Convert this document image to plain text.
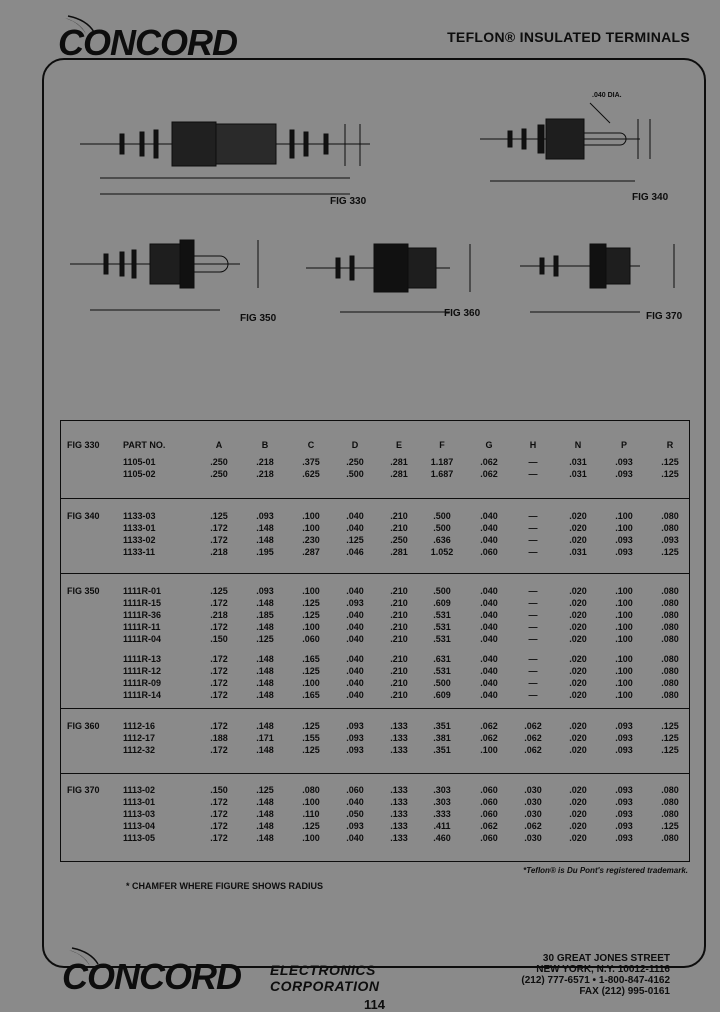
CONCORD	TEFLON® INSULATED TERMINALS
FIG 330
.040 DIA.
FIG 340
FIG 350	FIG 360	FIG 370
FIG 330	PART NO.	A	B	C	D	E	F	G	H	N	P	R
1105-01	.250	.218	.375	.250	.281	1.187	.062	—	.031	.093	.125
1105-02	.250	.218	.625	.500	.281	1.687	.062	—	.031	.093	.125
FIG 340	1133-03	.125	.093	.100	.040	.210	.500	.040	—	.020	.100	.080
1133-01	.172	.148	.100	.040	.210	.500	.040	—	.020	.100	.080
1133-02	.172	.148	.230	.125	.250	.636	.040	—	.020	.093	.093
1133-11	.218	.195	.287	.046	.281	1.052	.060	—	.031	.093	.125
FIG 350	1111R-01	.125	.093	.100	.040	.210	.500	.040	—	.020	.100	.080
1111R-15	.172	.148	.125	.093	.210	.609	.040	—	.020	.100	.080
1111R-36	.218	.185	.125	.040	.210	.531	.040	—	.020	.100	.080
1111R-11	.172	.148	.100	.040	.210	.531	.040	—	.020	.100	.080
1111R-04	.150	.125	.060	.040	.210	.531	.040	—	.020	.100	.080
1111R-13	.172	.148	.165	.040	.210	.631	.040	—	.020	.100	.080
1111R-12	.172	.148	.125	.040	.210	.531	.040	—	.020	.100	.080
1111R-09	.172	.148	.100	.040	.210	.500	.040	—	.020	.100	.080
1111R-14	.172	.148	.165	.040	.210	.609	.040	—	.020	.100	.080
FIG 360	1112-16	.172	.148	.125	.093	.133	.351	.062	.062	.020	.093	.125
1112-17	.188	.171	.155	.093	.133	.381	.062	.062	.020	.093	.125
1112-32	.172	.148	.125	.093	.133	.351	.100	.062	.020	.093	.125
FIG 370	1113-02	.150	.125	.080	.060	.133	.303	.060	.030	.020	.093	.080
1113-01	.172	.148	.100	.040	.133	.303	.060	.030	.020	.093	.080
1113-03	.172	.148	.110	.050	.133	.333	.060	.030	.020	.093	.080
1113-04	.172	.148	.125	.093	.133	.411	.062	.062	.020	.093	.125
1113-05	.172	.148	.100	.040	.133	.460	.060	.030	.020	.093	.080
* CHAMFER WHERE FIGURE SHOWS RADIUS
*Teflon® is Du Pont's registered trademark.
CONCORD ELECTRONICS
CORPORATION
30 GREAT JONES STREET
NEW YORK, N.Y. 10012-1116
(212) 777-6571 • 1-800-847-4162
FAX (212) 995-0161
114
